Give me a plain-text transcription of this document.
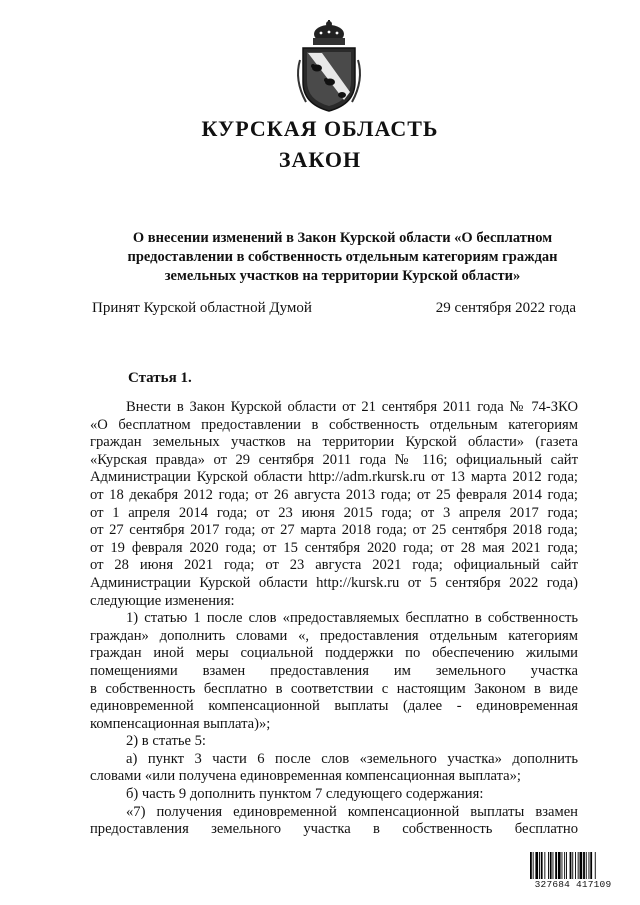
КУРСКАЯ ОБЛАСТЬ
ЗАКОН
О внесении изменений в Закон Курской области «О бесплатном
предоставлении в собственность отдельным категориям граждан
земельных участков на территории Курской области»
Принят Курской областной Думой	29 сентября 2022 года
Статья 1.
Внести в Закон Курской области от 21 сентября 2011 года № 74-ЗКО
«О бесплатном предоставлении в собственность отдельным категориям
граждан земельных участков на территории Курской области» (газета
«Курская правда» от 29 сентября 2011 года № 116; официальный сайт
Администрации Курской области http://adm.rkursk.ru от 13 марта 2012 года;
от 18 декабря 2012 года; от 26 августа 2013 года; от 25 февраля 2014 года;
от 1 апреля 2014 года; от 23 июня 2015 года; от 3 апреля 2017 года;
от 27 сентября 2017 года; от 27 марта 2018 года; от 25 сентября 2018 года;
от 19 февраля 2020 года; от 15 сентября 2020 года; от 28 мая 2021 года;
от 28 июня 2021 года; от 23 августа 2021 года; официальный сайт
Администрации Курской области http://kursk.ru от 5 сентября 2022 года)
следующие изменения:
1) статью 1 после слов «предоставляемых бесплатно в собственность
граждан» дополнить словами «, предоставления отдельным категориям
граждан иной меры социальной поддержки по обеспечению жилыми
помещениями взамен предоставления им земельного участка
в собственность бесплатно в соответствии с настоящим Законом в виде
единовременной компенсационной выплаты (далее - единовременная
компенсационная выплата)»;
2) в статье 5:
а) пункт 3 части 6 после слов «земельного участка» дополнить
словами «или получена единовременная компенсационная выплата»;
б) часть 9 дополнить пунктом 7 следующего содержания:
«7) получения единовременной компенсационной выплаты взамен
предоставления земельного участка в собственность бесплатно
327684 417109
